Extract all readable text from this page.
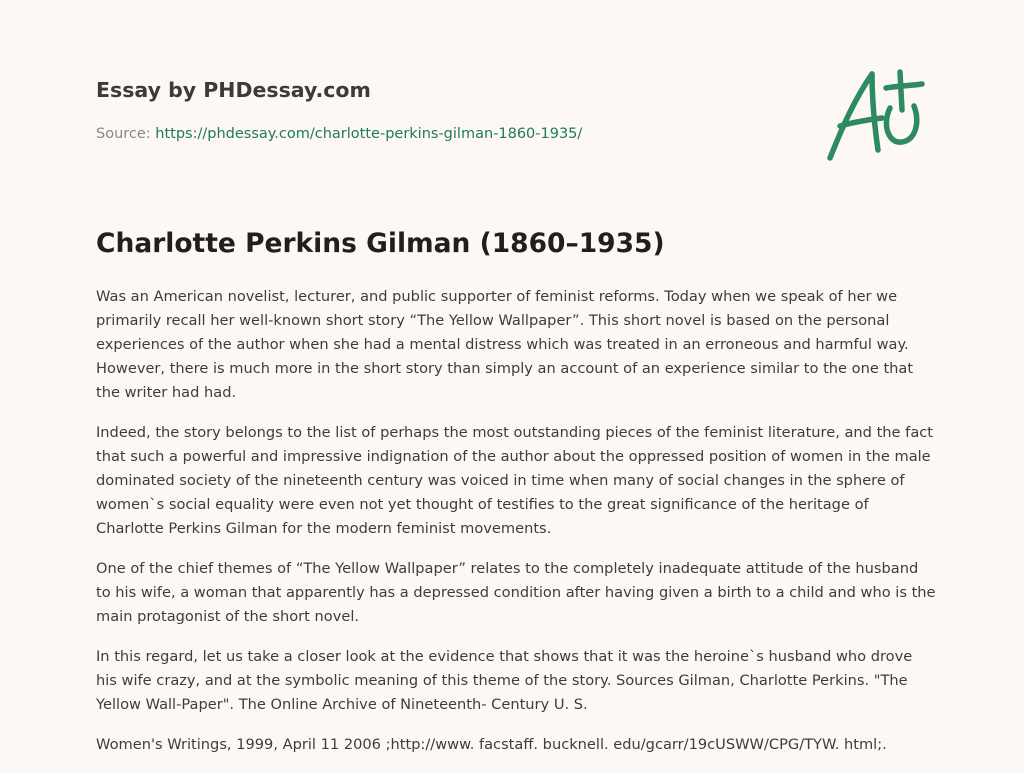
Essay by PHDessay.com
Source: https://phdessay.com/charlotte-perkins-gilman-1860-1935/
Charlotte Perkins Gilman (1860–1935)

Was an American novelist, lecturer, and public supporter of feminist reforms. Today when we speak of her we primarily recall her well-known short story “The Yellow Wallpaper”. This short novel is based on the personal experiences of the author when she had a mental distress which was treated in an erroneous and harmful way. However, there is much more in the short story than simply an account of an experience similar to the one that the writer had had.

Indeed, the story belongs to the list of perhaps the most outstanding pieces of the feminist literature, and the fact that such a powerful and impressive indignation of the author about the oppressed position of women in the male dominated society of the nineteenth century was voiced in time when many of social changes in the sphere of women`s social equality were even not yet thought of testifies to the great significance of the heritage of Charlotte Perkins Gilman for the modern feminist movements.

One of the chief themes of “The Yellow Wallpaper” relates to the completely inadequate attitude of the husband to his wife, a woman that apparently has a depressed condition after having given a birth to a child and who is the main protagonist of the short novel.

In this regard, let us take a closer look at the evidence that shows that it was the heroine`s husband who drove his wife crazy, and at the symbolic meaning of this theme of the story. Sources Gilman, Charlotte Perkins. "The Yellow Wall-Paper". The Online Archive of Nineteenth- Century U. S.

Women's Writings, 1999, April 11 2006 ;http://www. facstaff. bucknell. edu/gcarr/19cUSWW/CPG/TYW. html;.
